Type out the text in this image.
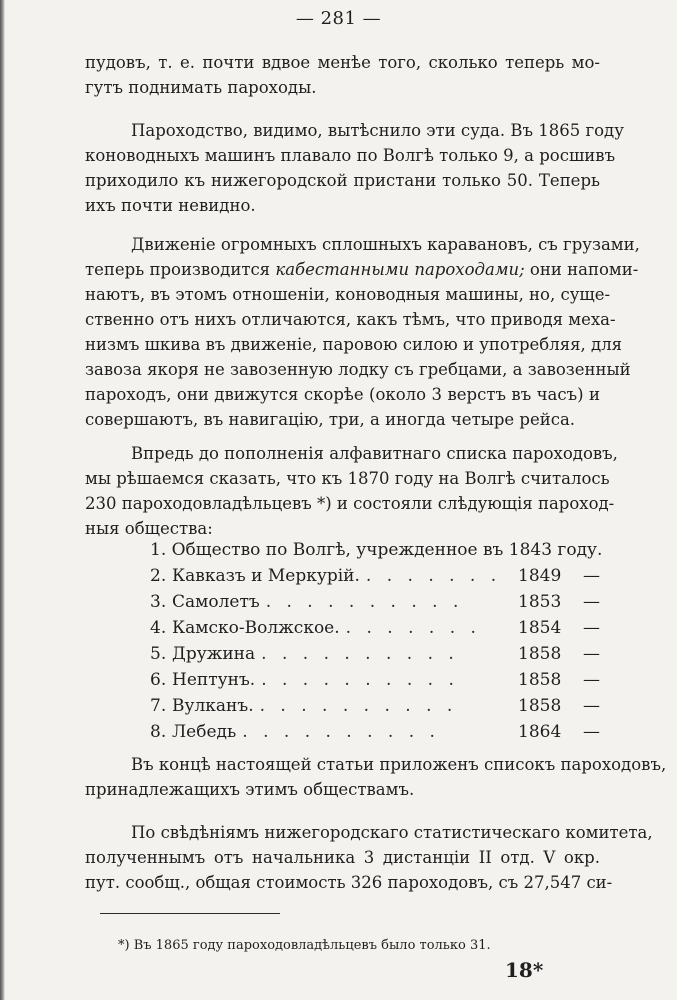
— 281 —
пудовъ, т. е. почти вдвое менѣе того, сколько теперь мо-
гутъ поднимать пароходы.
Пароходство, видимо, вытѣснило эти суда. Въ 1865 году
коноводныхъ машинъ плавало по Волгѣ только 9, а росшивъ
приходило къ нижегородской пристани только 50. Теперь
ихъ почти невидно.
Движенiе огромныхъ сплошныхъ каравановъ, съ грузами,
теперь производится кабестанными пароходами; они напоми-
наютъ, въ этомъ отношенiи, коноводныя машины, но, суще-
ственно отъ нихъ отличаются, какъ тѣмъ, что приводя меха-
низмъ шкива въ движенiе, паровою силою и употребляя, для
завоза якоря не завозенную лодку съ гребцами, а завозенный
пароходъ, они движутся скорѣе (около 3 верстъ въ часъ) и
совершаютъ, въ навигацiю, три, а иногда четыре рейса.
Впредь до пополненiя алфавитнаго списка пароходовъ,
мы рѣшаемся сказать, что къ 1870 году на Волгѣ считалось
230 пароходовладѣльцевъ *) и состояли слѣдующiя пароход-
ныя общества:
1. Общество по Волгѣ, учрежденное въ 1843 году.
2. Кавказъ и Меркурiй. . . . . . . . 1849	—
3. Самолетъ . . . . . . . . . .	1853	—
4. Камско-Волжское. . . . . . . .	1854	—
5. Дружина . . . . . . . . . .	1858	—
6. Нептунъ. . . . . . . . . . .	1858	—
7. Вулканъ. . . . . . . . . . .	1858	—
8. Лебедь . . . . . . . . . .	1864	—
Въ концѣ настоящей статьи приложенъ списокъ пароходовъ,
принадлежащихъ этимъ обществамъ.
По свѣдѣнiямъ нижегородскаго статистическаго комитета,
полученнымъ отъ начальника 3 дистанцiи II отд. V окр.
пут. сообщ., общая стоимость 326 пароходовъ, съ 27,547 си-
*) Въ 1865 году пароходовладѣльцевъ было только 31.
18*
